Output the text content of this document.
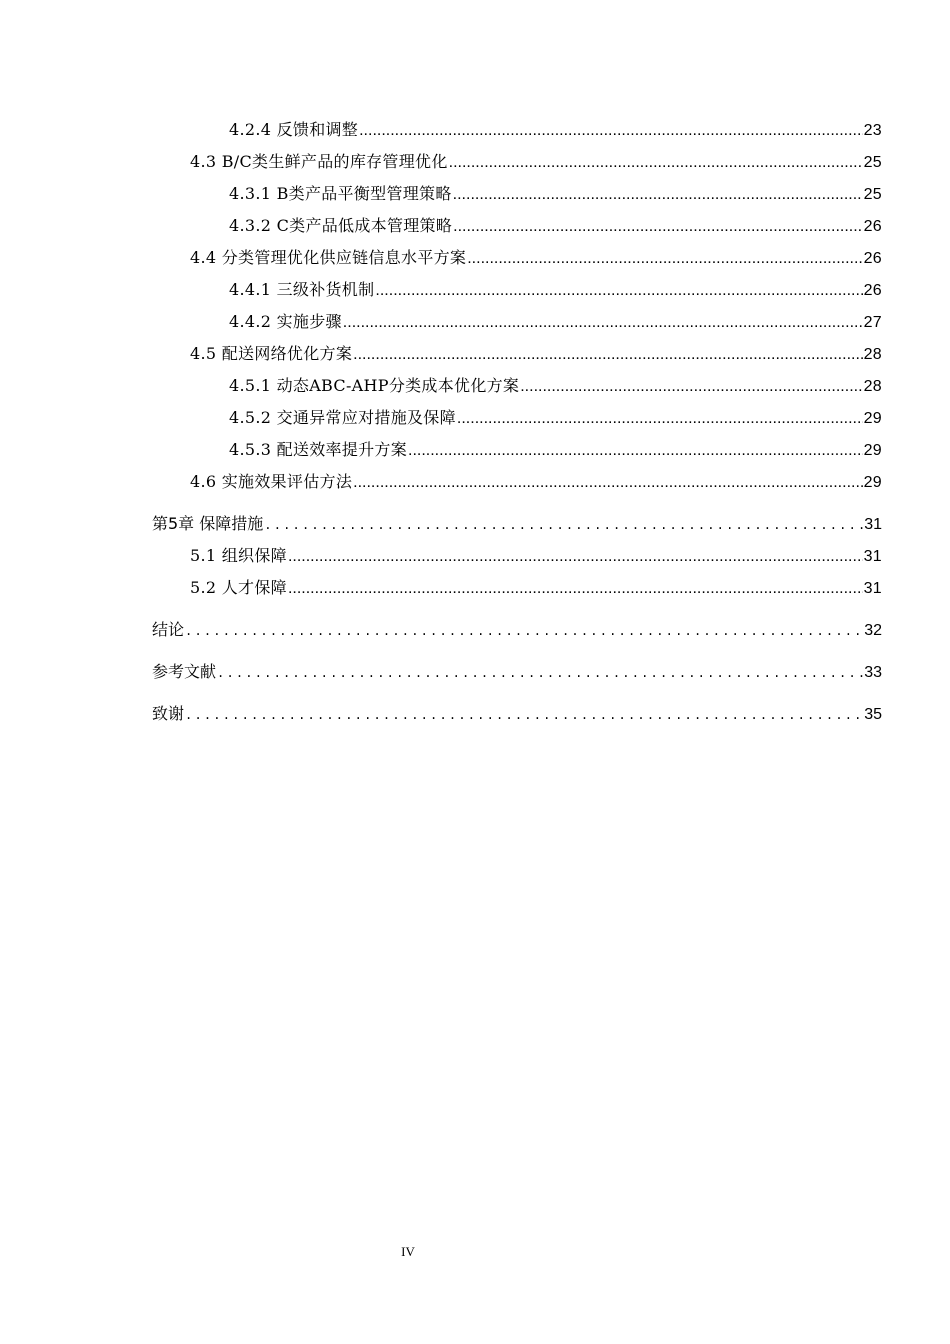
4.2.4 反馈和调整 .....	23
4.3 B/C类生鲜产品的库存管理优化 .....	25
4.3.1 B类产品平衡型管理策略 .....	25
4.3.2 C类产品低成本管理策略 .....	26
4.4 分类管理优化供应链信息水平方案 .....	26
4.4.1 三级补货机制 .....	26
4.4.2 实施步骤 .....	27
4.5 配送网络优化方案 .....	28
4.5.1 动态ABC-AHP分类成本优化方案 .....	28
4.5.2 交通异常应对措施及保障 .....	29
4.5.3 配送效率提升方案 .....	29
4.6 实施效果评估方法 .....	29
第5章 保障措施 .....	31
5.1 组织保障 .....	31
5.2 人才保障 .....	31
结论 .....	32
参考文献 .....	33
致谢 .....	35
IV
